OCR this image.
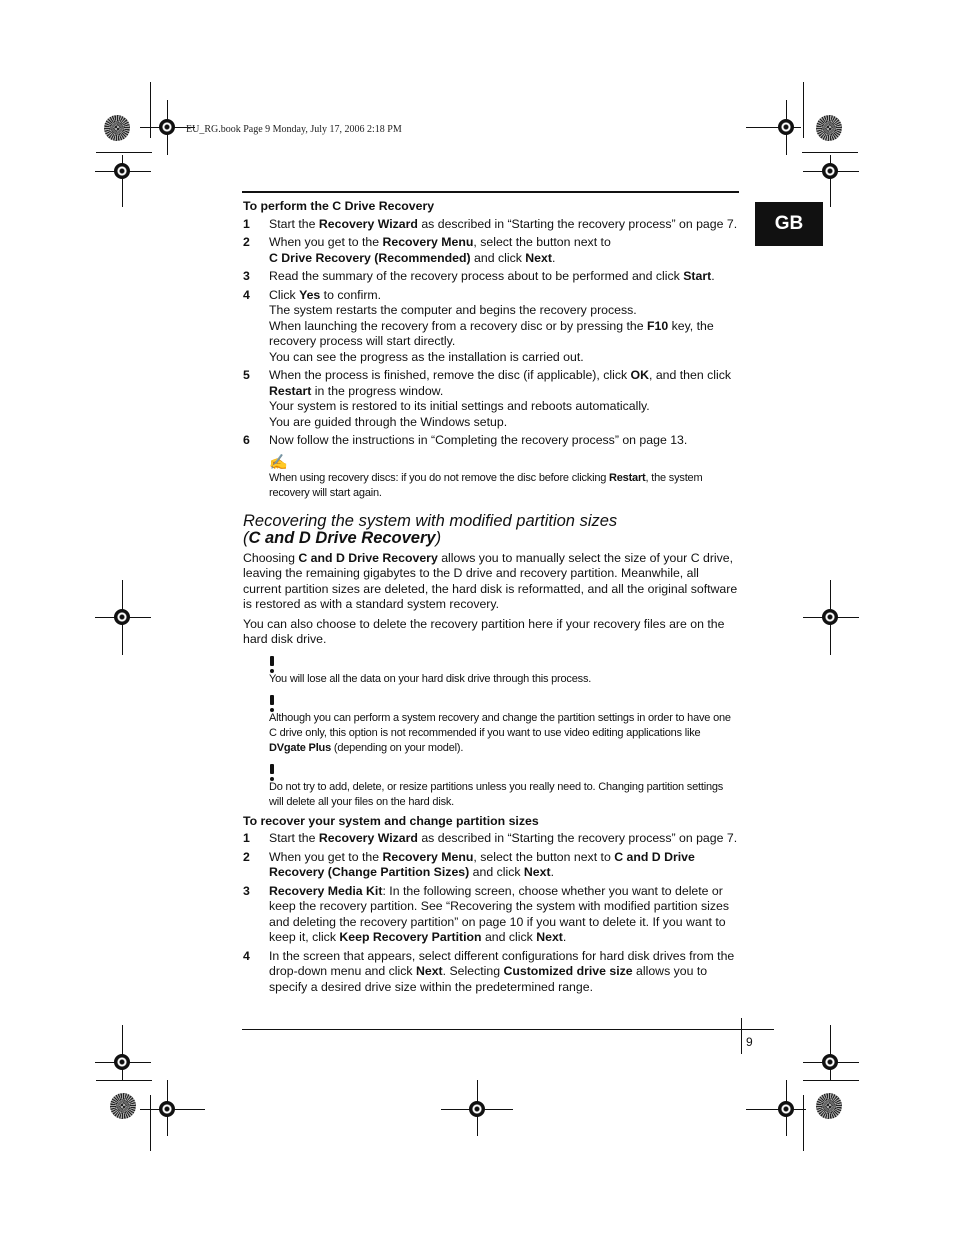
EU_RG.book Page 9 Monday, July 17, 2006 2:18 PM
GB
To perform the C Drive Recovery
1	Start the Recovery Wizard as described in “Starting the recovery process” on page 7.
2	When you get to the Recovery Menu, select the button next to
C Drive Recovery (Recommended) and click Next.
3	Read the summary of the recovery process about to be performed and click Start.
4	Click Yes to confirm.
The system restarts the computer and begins the recovery process.
When launching the recovery from a recovery disc or by pressing the F10 key, the recovery process will start directly.
You can see the progress as the installation is carried out.
5	When the process is finished, remove the disc (if applicable), click OK, and then click
Restart in the progress window.
Your system is restored to its initial settings and reboots automatically.
You are guided through the Windows setup.
6	Now follow the instructions in “Completing the recovery process” on page 13.
✍
When using recovery discs: if you do not remove the disc before clicking Restart, the system recovery will start again.
Recovering the system with modified partition sizes
(C and D Drive Recovery)
Choosing C and D Drive Recovery allows you to manually select the size of your C drive, leaving the remaining gigabytes to the D drive and recovery partition. Meanwhile, all current partition sizes are deleted, the hard disk is reformatted, and all the original software is restored as with a standard system recovery.
You can also choose to delete the recovery partition here if your recovery files are on the hard disk drive.
You will lose all the data on your hard disk drive through this process.
Although you can perform a system recovery and change the partition settings in order to have one C drive only, this option is not recommended if you want to use video editing applications like DVgate Plus (depending on your model).
Do not try to add, delete, or resize partitions unless you really need to. Changing partition settings will delete all your files on the hard disk.
To recover your system and change partition sizes
1	Start the Recovery Wizard as described in “Starting the recovery process” on page 7.
2	When you get to the Recovery Menu, select the button next to C and D Drive Recovery (Change Partition Sizes) and click Next.
3	Recovery Media Kit: In the following screen, choose whether you want to delete or keep the recovery partition. See “Recovering the system with modified partition sizes and deleting the recovery partition” on page 10 if you want to delete it. If you want to keep it, click Keep Recovery Partition and click Next.
4	In the screen that appears, select different configurations for hard disk drives from the drop-down menu and click Next. Selecting Customized drive size allows you to specify a desired drive size within the predetermined range.
9
